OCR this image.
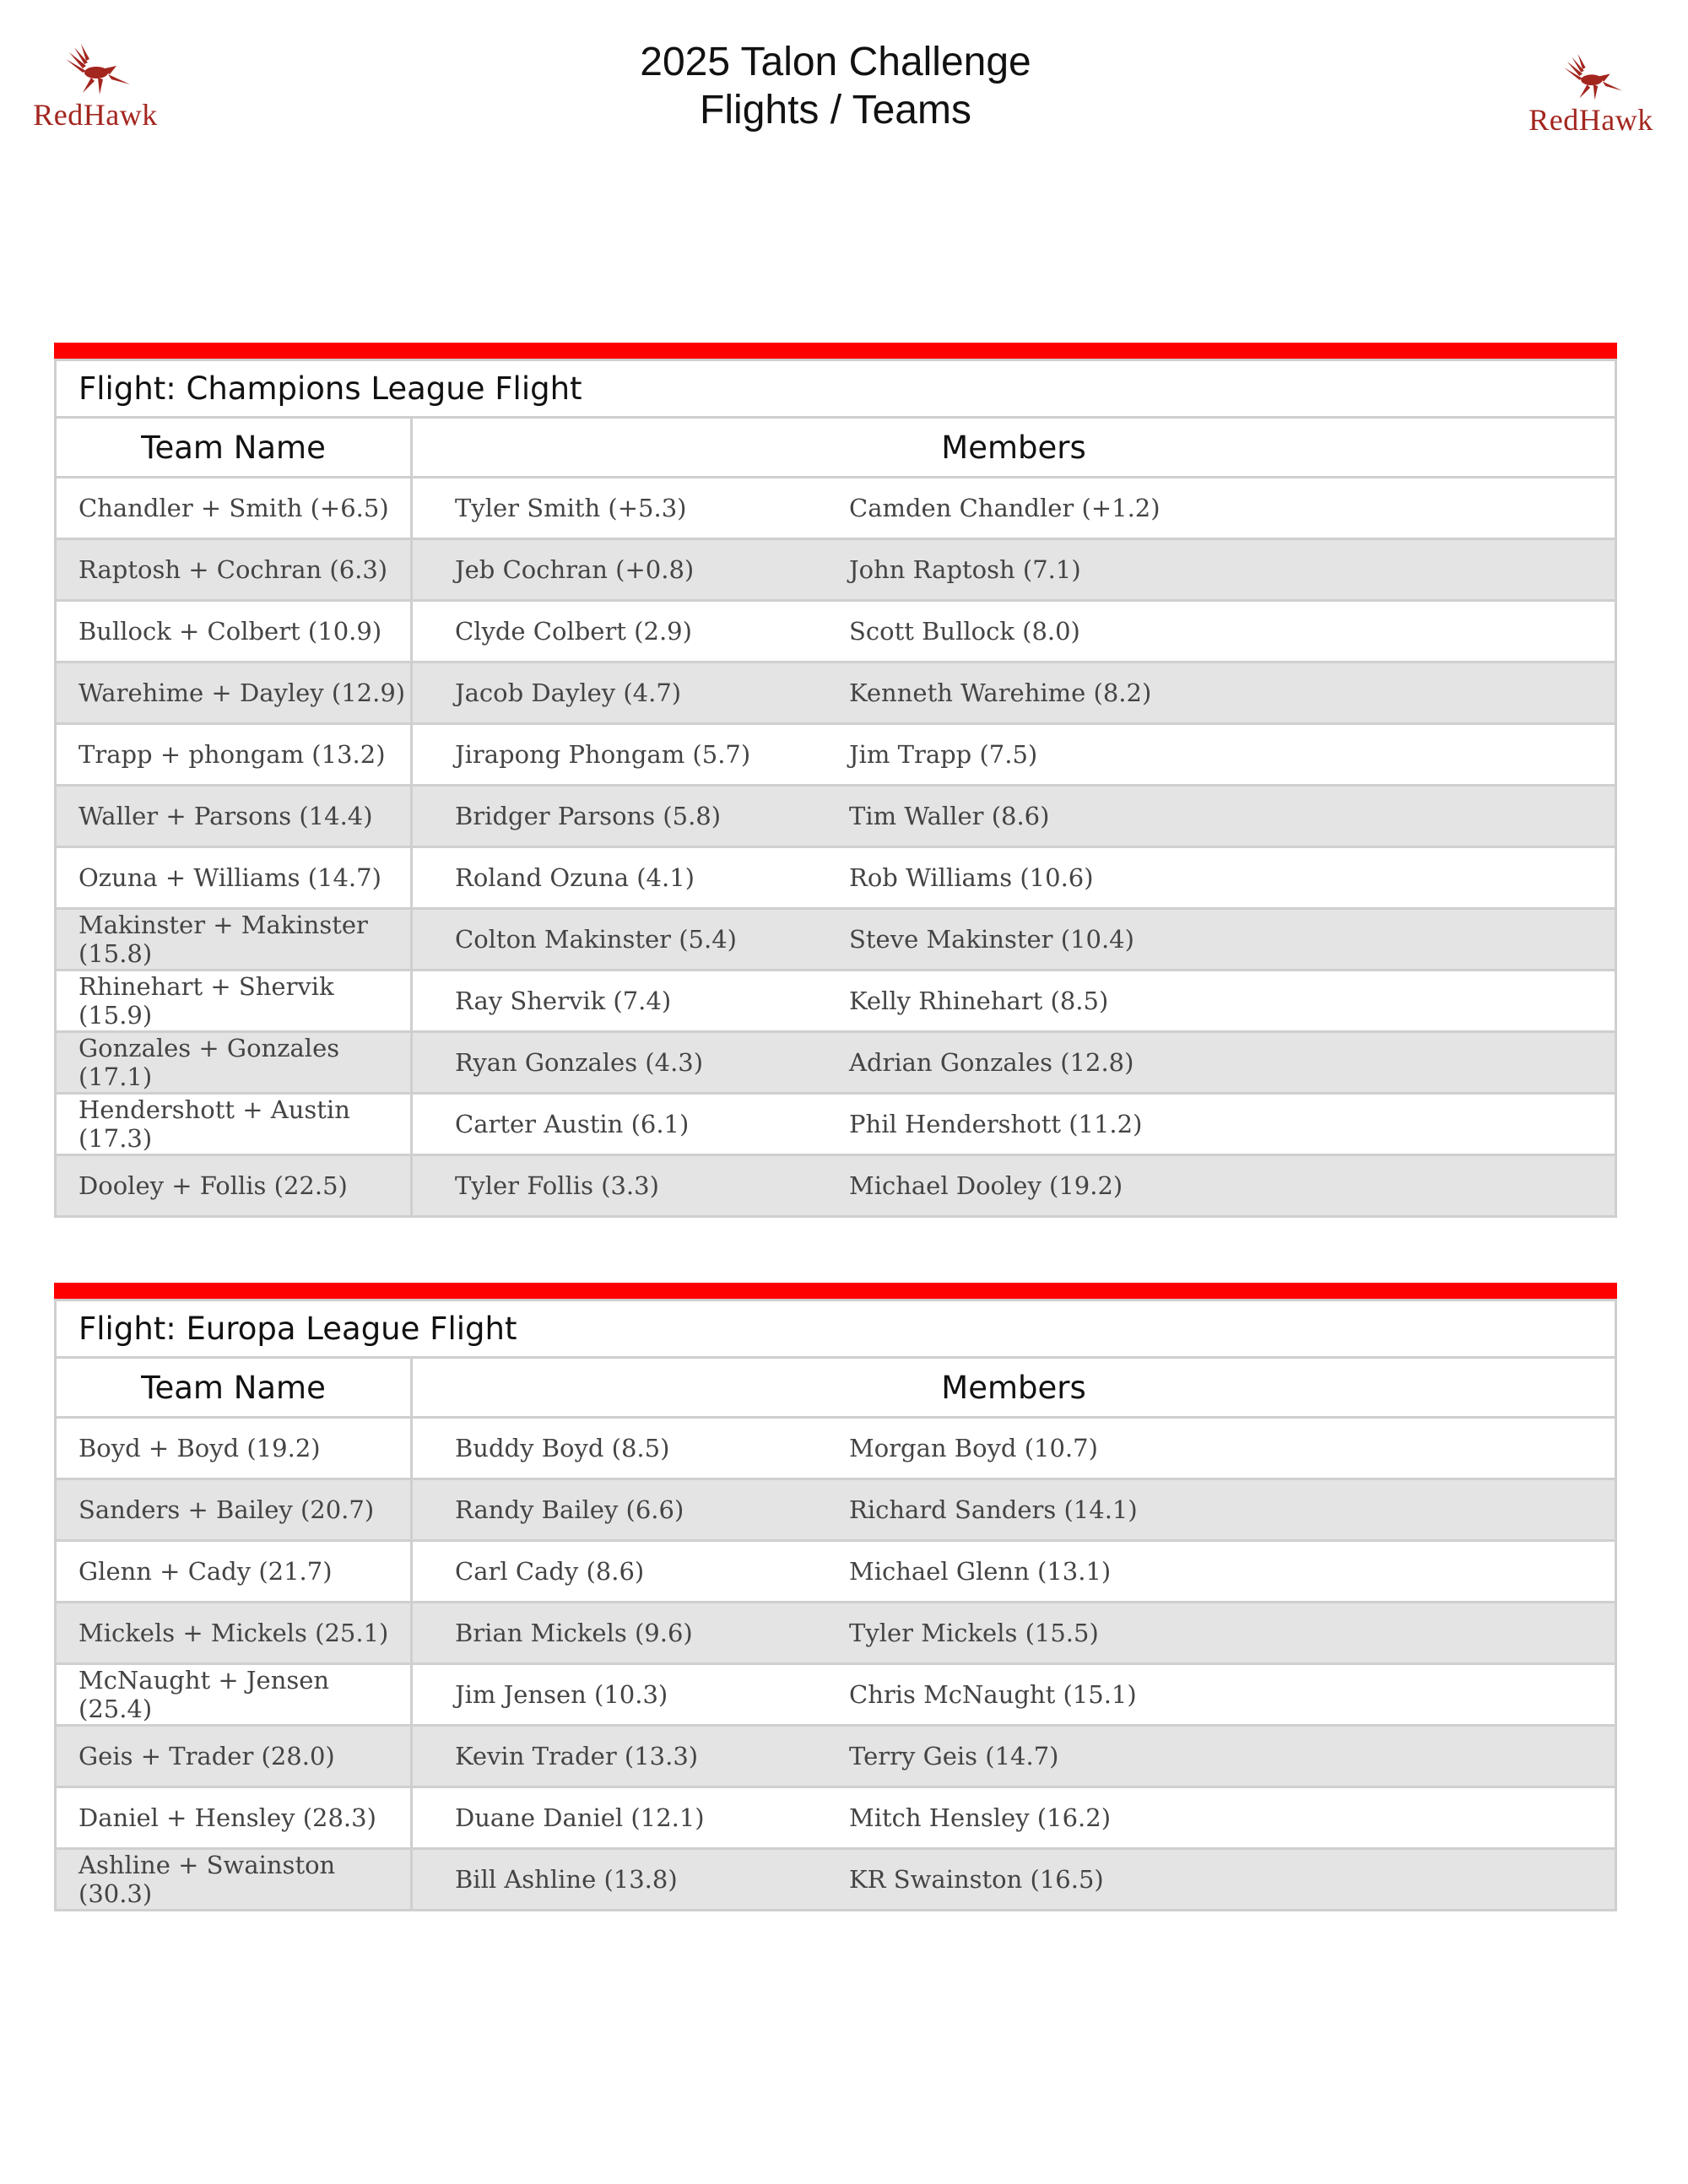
RedHawk	RedHawk
2025 Talon Challenge
Flights / Teams
Flight: Champions League Flight	
Team Name	Members
Chandler + Smith (+6.5)	Tyler Smith (+5.3) Camden Chandler (+1.2)
Raptosh + Cochran (6.3)	Jeb Cochran (+0.8) John Raptosh (7.1)
Bullock + Colbert (10.9)	Clyde Colbert (2.9) Scott Bullock (8.0)
Warehime + Dayley (12.9)	Jacob Dayley (4.7) Kenneth Warehime (8.2)
Trapp + phongam (13.2)	Jirapong Phongam (5.7) Jim Trapp (7.5)
Waller + Parsons (14.4)	Bridger Parsons (5.8) Tim Waller (8.6)
Ozuna + Williams (14.7)	Roland Ozuna (4.1) Rob Williams (10.6)
Makinster + Makinster (15.8)	Colton Makinster (5.4) Steve Makinster (10.4)
Rhinehart + Shervik (15.9)	Ray Shervik (7.4) Kelly Rhinehart (8.5)
Gonzales + Gonzales (17.1)	Ryan Gonzales (4.3) Adrian Gonzales (12.8)
Hendershott + Austin (17.3)	Carter Austin (6.1) Phil Hendershott (11.2)
Dooley + Follis (22.5)	Tyler Follis (3.3) Michael Dooley (19.2)
Flight: Europa League Flight	
Team Name	Members
Boyd + Boyd (19.2)	Buddy Boyd (8.5) Morgan Boyd (10.7)
Sanders + Bailey (20.7)	Randy Bailey (6.6) Richard Sanders (14.1)
Glenn + Cady (21.7)	Carl Cady (8.6) Michael Glenn (13.1)
Mickels + Mickels (25.1)	Brian Mickels (9.6) Tyler Mickels (15.5)
McNaught + Jensen (25.4)	Jim Jensen (10.3) Chris McNaught (15.1)
Geis + Trader (28.0)	Kevin Trader (13.3) Terry Geis (14.7)
Daniel + Hensley (28.3)	Duane Daniel (12.1) Mitch Hensley (16.2)
Ashline + Swainston (30.3)	Bill Ashline (13.8) KR Swainston (16.5)
